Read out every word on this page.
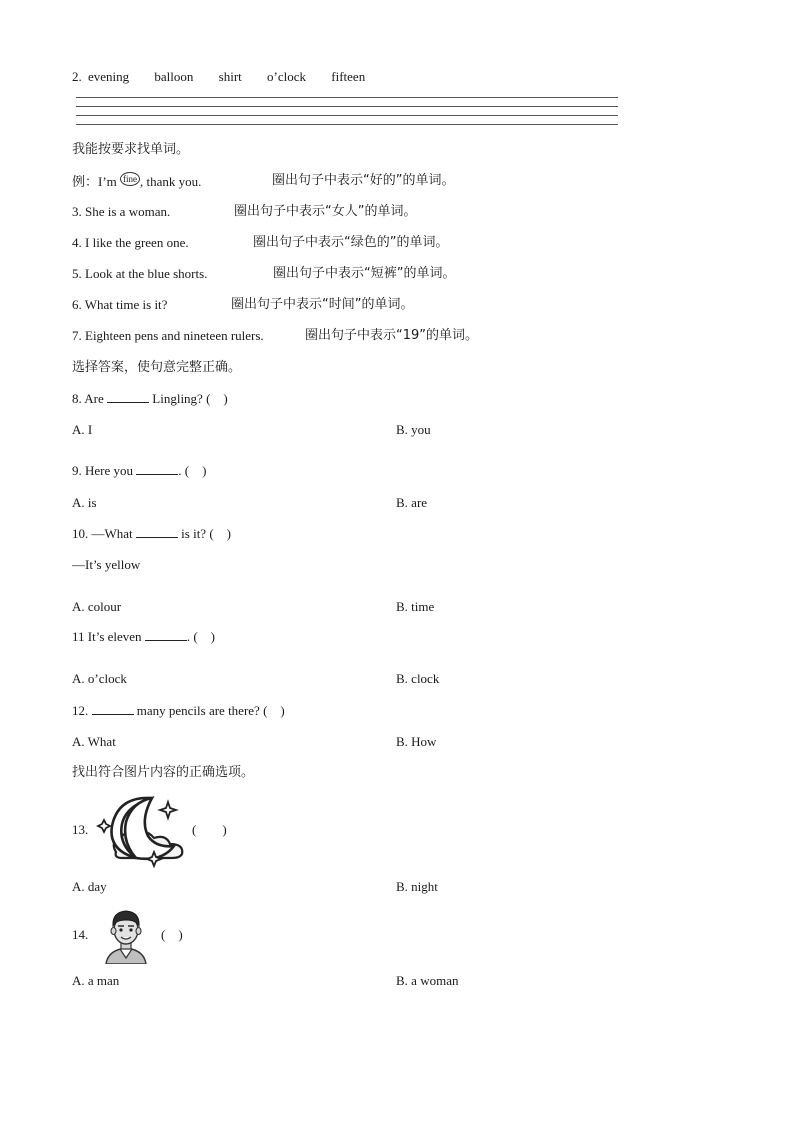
2. evening balloon shirt o’clock fifteen
我能按要求找单词。
例：I’m fine , thank you.	圈出句子中表示“好的”的单词。
3. She is a woman.	圈出句子中表示“女人”的单词。
4. I like the green one.	圈出句子中表示“绿色的”的单词。
5. Look at the blue shorts.	圈出句子中表示“短裤”的单词。
6. What time is it?	圈出句子中表示“时间”的单词。
7. Eighteen pens and nineteen rulers.	圈出句子中表示“19”的单词。
选择答案，使句意完整正确。
8. Are	Lingling? (　)
A. I	B. you
9. Here you	. (　)
A. is	B. are
10. —What	is it? (　)
—It’s yellow
A. colour	B. time
11 It’s eleven	. (　)
A. o’clock	B. clock
12.	many pencils are there? (　)
A. What	B. How
找出符合图片内容的正确选项。
13.	(　　)
A. day	B. night
14.	(　)
A. a man	B. a woman
